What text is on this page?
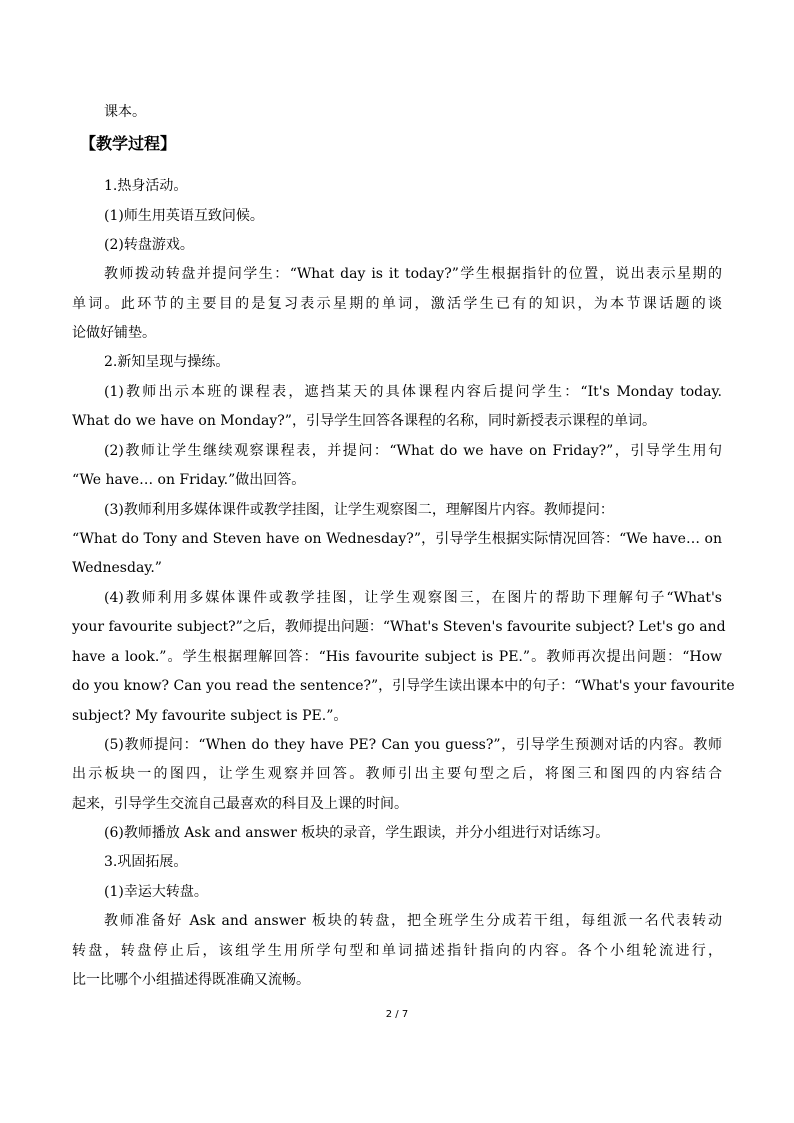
课本。
【教学过程】
1.热身活动。
(1)师生用英语互致问候。
(2)转盘游戏。
教师拨动转盘并提问学生：“What day is it today?”学生根据指针的位置，说出表示星期的
单词。此环节的主要目的是复习表示星期的单词，激活学生已有的知识，为本节课话题的谈
论做好铺垫。
2.新知呈现与操练。
(1)教师出示本班的课程表，遮挡某天的具体课程内容后提问学生：“It's Monday today.
What do we have on Monday?”，引导学生回答各课程的名称，同时新授表示课程的单词。
(2)教师让学生继续观察课程表，并提问：“What do we have on Friday?”，引导学生用句
“We have… on Friday.”做出回答。
(3)教师利用多媒体课件或教学挂图，让学生观察图二，理解图片内容。教师提问：
“What do Tony and Steven have on Wednesday?”，引导学生根据实际情况回答：“We have… on
Wednesday.”
(4)教师利用多媒体课件或教学挂图，让学生观察图三，在图片的帮助下理解句子“What's
your favourite subject?”之后，教师提出问题：“What's Steven's favourite subject? Let's go and
have a look.”。学生根据理解回答：“His favourite subject is PE.”。教师再次提出问题：“How
do you know? Can you read the sentence?”，引导学生读出课本中的句子：“What's your favourite
subject? My favourite subject is PE.”。
(5)教师提问：“When do they have PE? Can you guess?”，引导学生预测对话的内容。教师
出示板块一的图四，让学生观察并回答。教师引出主要句型之后，将图三和图四的内容结合
起来，引导学生交流自己最喜欢的科目及上课的时间。
(6)教师播放 Ask and answer 板块的录音，学生跟读，并分小组进行对话练习。
3.巩固拓展。
(1)幸运大转盘。
教师准备好 Ask and answer 板块的转盘，把全班学生分成若干组，每组派一名代表转动
转盘，转盘停止后，该组学生用所学句型和单词描述指针指向的内容。各个小组轮流进行，
比一比哪个小组描述得既准确又流畅。
2 / 7
